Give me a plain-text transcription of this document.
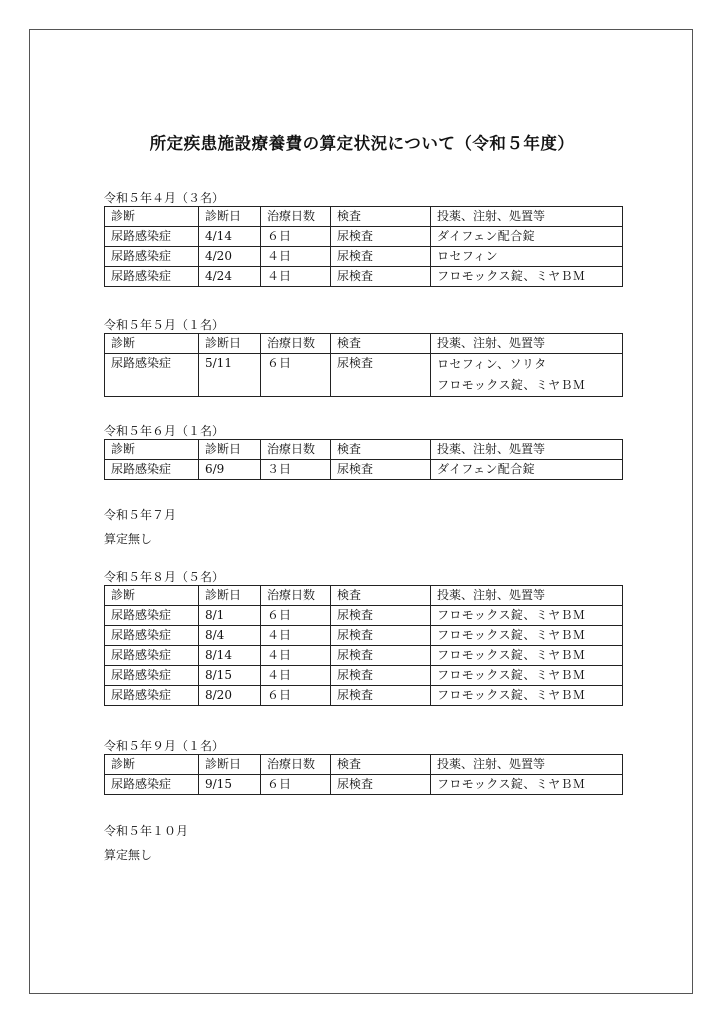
所定疾患施設療養費の算定状況について（令和５年度）
令和５年４月（３名）
診断	診断日	治療日数	検査	投薬、注射、処置等
尿路感染症	4/14	６日	尿検査	ダイフェン配合錠
尿路感染症	4/20	４日	尿検査	ロセフィン
尿路感染症	4/24	４日	尿検査	フロモックス錠、ミヤＢＭ
令和５年５月（１名）
診断	診断日	治療日数	検査	投薬、注射、処置等
尿路感染症	5/11	６日	尿検査	ロセフィン、ソリタ
フロモックス錠、ミヤＢＭ
令和５年６月（１名）
診断	診断日	治療日数	検査	投薬、注射、処置等
尿路感染症	6/9	３日	尿検査	ダイフェン配合錠
令和５年７月
算定無し
令和５年８月（５名）
診断	診断日	治療日数	検査	投薬、注射、処置等
尿路感染症	8/1	６日	尿検査	フロモックス錠、ミヤＢＭ
尿路感染症	8/4	４日	尿検査	フロモックス錠、ミヤＢＭ
尿路感染症	8/14	４日	尿検査	フロモックス錠、ミヤＢＭ
尿路感染症	8/15	４日	尿検査	フロモックス錠、ミヤＢＭ
尿路感染症	8/20	６日	尿検査	フロモックス錠、ミヤＢＭ
令和５年９月（１名）
診断	診断日	治療日数	検査	投薬、注射、処置等
尿路感染症	9/15	６日	尿検査	フロモックス錠、ミヤＢＭ
令和５年１０月
算定無し
